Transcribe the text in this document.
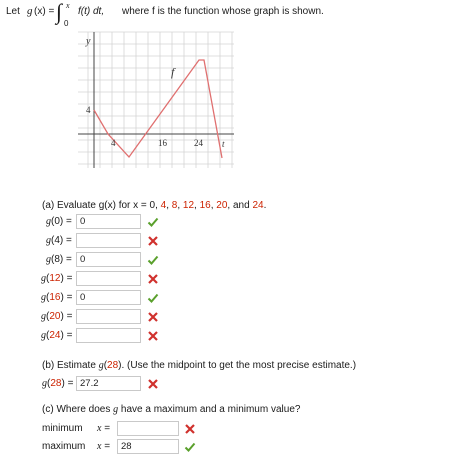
Let g (x) = ∫ x
0
f(t) dt, where f is the function whose graph is shown.
y
f
4
4	16	24 t
(a) Evaluate g(x) for x = 0, 4, 8, 12, 16, 20, and 24.
g(0) = 0
g(4) =
g(8) = 0
g(12) =
g(16) = 0
g(20) =
g(24) =
(b) Estimate g(28). (Use the midpoint to get the most precise estimate.)
g(28) = 27.2
(c) Where does g have a maximum and a minimum value?
minimum x =
maximum x =	28
